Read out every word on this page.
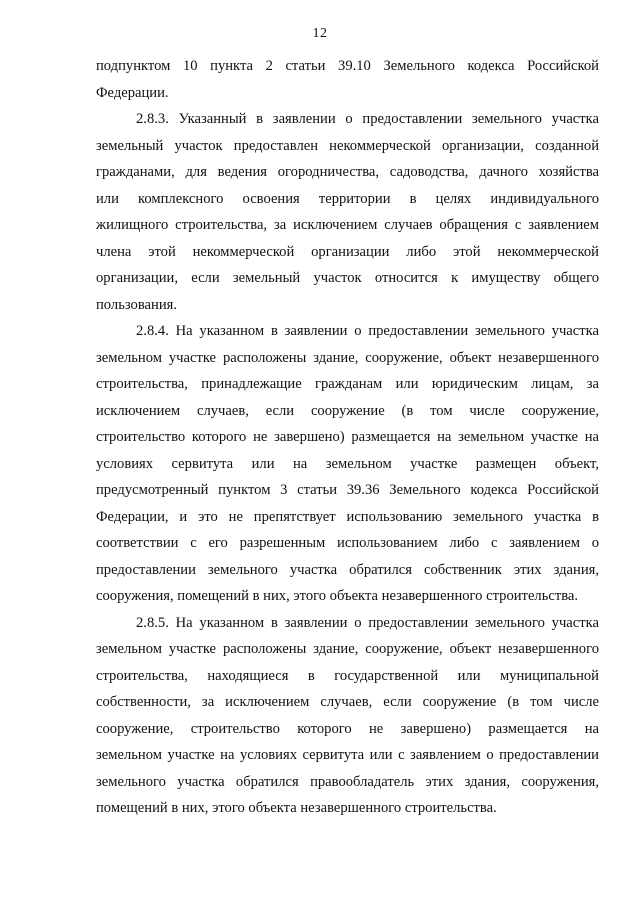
12
подпунктом 10 пункта 2 статьи 39.10 Земельного кодекса Российской
Федерации.
2.8.3. Указанный в заявлении о предоставлении земельного участка
земельный участок предоставлен некоммерческой организации, созданной
гражданами, для ведения огородничества, садоводства, дачного хозяйства
или комплексного освоения территории в целях индивидуального
жилищного строительства, за исключением случаев обращения с заявлением
члена этой некоммерческой организации либо этой некоммерческой
организации, если земельный участок относится к имуществу общего
пользования.
2.8.4. На указанном в заявлении о предоставлении земельного участка
земельном участке расположены здание, сооружение, объект незавершенного
строительства, принадлежащие гражданам или юридическим лицам, за
исключением случаев, если сооружение (в том числе сооружение,
строительство которого не завершено) размещается на земельном участке на
условиях сервитута или на земельном участке размещен объект,
предусмотренный пунктом 3 статьи 39.36 Земельного кодекса Российской
Федерации, и это не препятствует использованию земельного участка в
соответствии с его разрешенным использованием либо с заявлением о
предоставлении земельного участка обратился собственник этих здания,
сооружения, помещений в них, этого объекта незавершенного строительства.
2.8.5. На указанном в заявлении о предоставлении земельного участка
земельном участке расположены здание, сооружение, объект незавершенного
строительства, находящиеся в государственной или муниципальной
собственности, за исключением случаев, если сооружение (в том числе
сооружение, строительство которого не завершено) размещается на
земельном участке на условиях сервитута или с заявлением о предоставлении
земельного участка обратился правообладатель этих здания, сооружения,
помещений в них, этого объекта незавершенного строительства.
